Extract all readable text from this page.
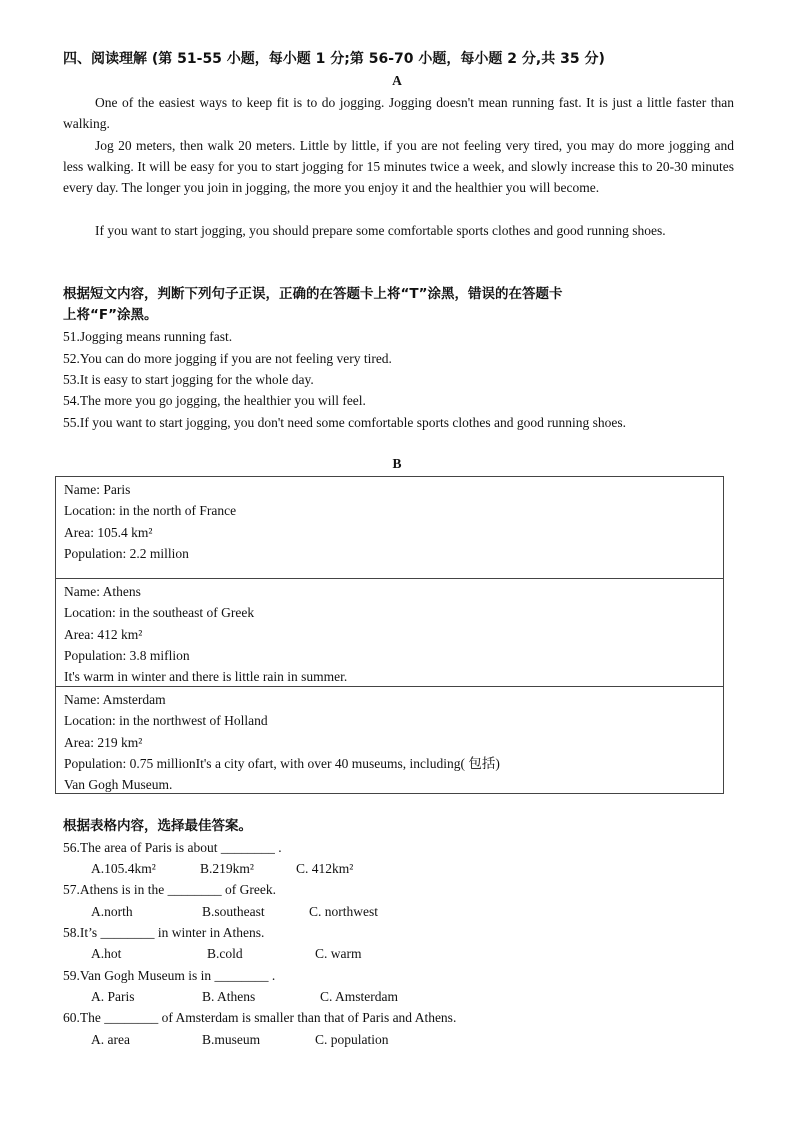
四、阅读理解 (第 51-55 小题，每小题 1 分;第 56-70 小题，每小题 2 分,共 35 分)
A
One of the easiest ways to keep fit is to do jogging. Jogging doesn't mean running fast. It is just a little faster than walking.
Jog 20 meters, then walk 20 meters. Little by little, if you are not feeling very tired, you may do more jogging and less walking. It will be easy for you to start jogging for 15 minutes twice a week, and slowly increase this to 20-30 minutes every day. The longer you join in jogging, the more you enjoy it and the healthier you will become.
If you want to start jogging, you should prepare some comfortable sports clothes and good running shoes.
根据短文内容，判断下列句子正误，正确的在答题卡上将“T”涂黑，错误的在答题卡
上将“F”涂黑。
51.Jogging means running fast.
52.You can do more jogging if you are not feeling very tired.
53.It is easy to start jogging for the whole day.
54.The more you go jogging, the healthier you will feel.
55.If you want to start jogging, you don't need some comfortable sports clothes and good running shoes.
B
Name: Paris
Location: in the north of France
Area: 105.4 km²
Population: 2.2 million
Name: Athens
Location: in the southeast of Greek
Area: 412 km²
Population: 3.8 miflion
It's warm in winter and there is little rain in summer.
Name: Amsterdam
Location: in the northwest of Holland
Area: 219 km²
Population: 0.75 millionIt's a city ofart, with over 40 museums, including( 包括)
Van Gogh Museum.
根据表格内容，选择最佳答案。
56.The area of Paris is about ________ .
A.105.4km²	B.219km²	C. 412km²
57.Athens is in the ________ of Greek.
A.north	B.southeast	C. northwest
58.It’s ________ in winter in Athens.
A.hot	B.cold	C. warm
59.Van Gogh Museum is in ________ .
A. Paris	B. Athens	C. Amsterdam
60.The ________ of Amsterdam is smaller than that of Paris and Athens.
A. area	B.museum	C. population
